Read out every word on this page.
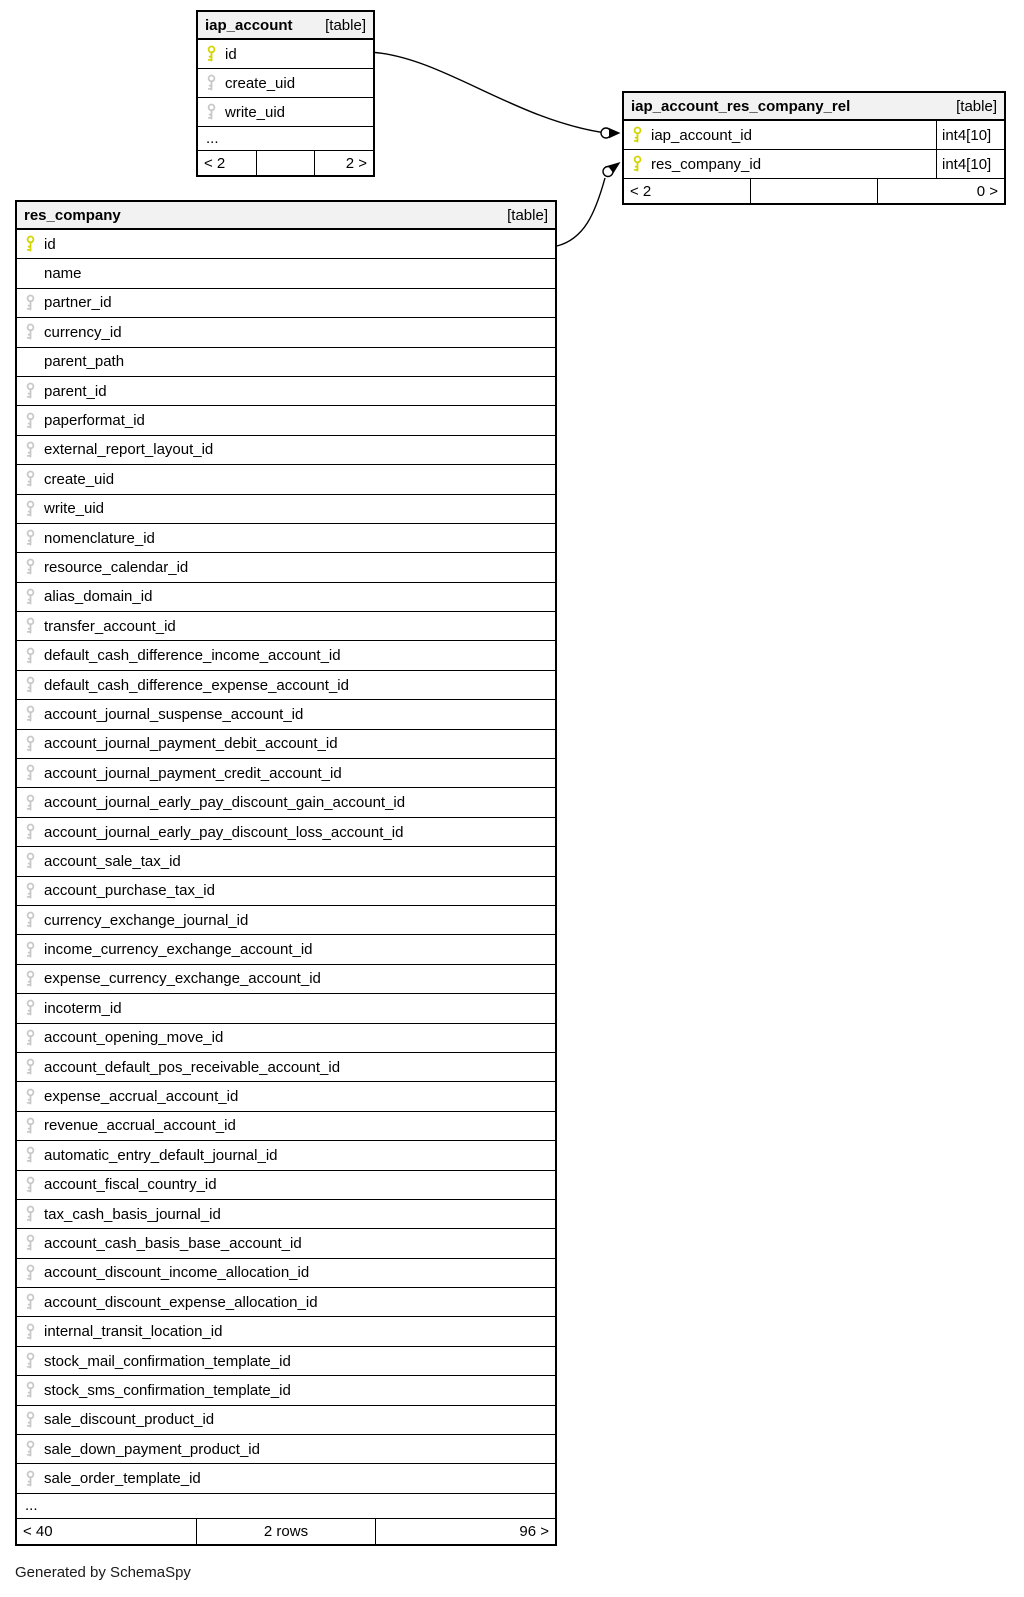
iap_account [table]
id
create_uid
write_uid
...
< 2	2 >
iap_account_res_company_rel	[table]
iap_account_id	int4[10]
res_company_id	int4[10]
< 2	0 >
res_company	[table]
id
name
partner_id
currency_id
parent_path
parent_id
paperformat_id
external_report_layout_id
create_uid
write_uid
nomenclature_id
resource_calendar_id
alias_domain_id
transfer_account_id
default_cash_difference_income_account_id
default_cash_difference_expense_account_id
account_journal_suspense_account_id
account_journal_payment_debit_account_id
account_journal_payment_credit_account_id
account_journal_early_pay_discount_gain_account_id
account_journal_early_pay_discount_loss_account_id
account_sale_tax_id
account_purchase_tax_id
currency_exchange_journal_id
income_currency_exchange_account_id
expense_currency_exchange_account_id
incoterm_id
account_opening_move_id
account_default_pos_receivable_account_id
expense_accrual_account_id
revenue_accrual_account_id
automatic_entry_default_journal_id
account_fiscal_country_id
tax_cash_basis_journal_id
account_cash_basis_base_account_id
account_discount_income_allocation_id
account_discount_expense_allocation_id
internal_transit_location_id
stock_mail_confirmation_template_id
stock_sms_confirmation_template_id
sale_discount_product_id
sale_down_payment_product_id
sale_order_template_id
...
< 40	2 rows	96 >
Generated by SchemaSpy
